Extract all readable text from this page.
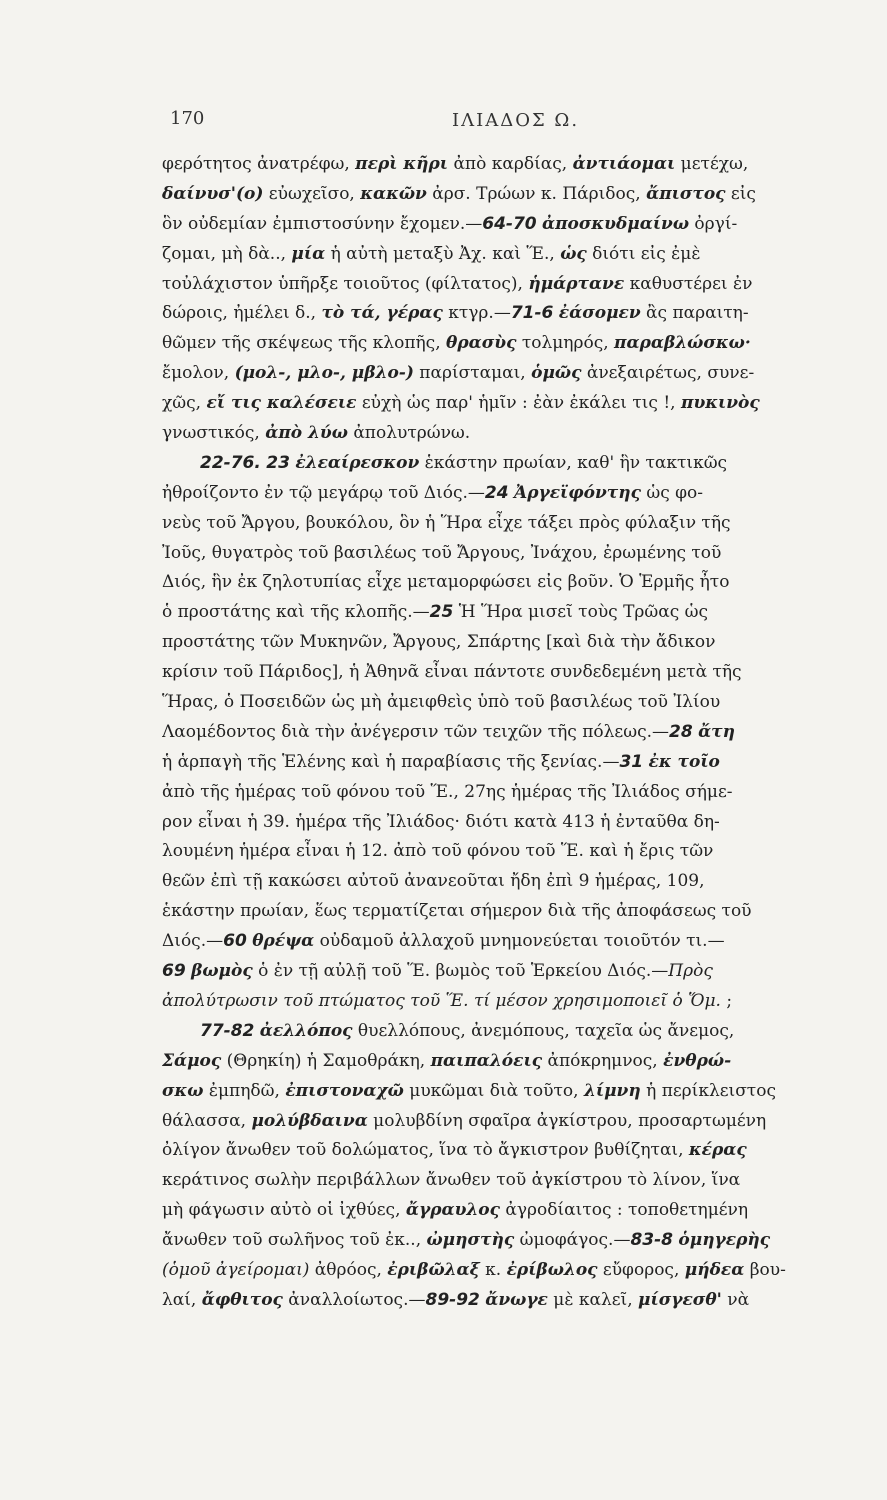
170	ΙΛΙΑΔΟΣ Ω.
φερότητος ἀνατρέφω, περὶ κῆρι ἀπὸ καρδίας, ἀντιάομαι μετέχω,
δαίνυσ'(ο) εὐωχεῖσο, κακῶν ἀρσ. Τρώων κ. Πάριδος, ἄπιστος εἰς
ὃν οὐδεμίαν ἐμπιστοσύνην ἔχομεν.—64-70 ἀποσκυδμαίνω ὀργί-
ζομαι, μὴ δὰ.., μία ἡ αὐτὴ μεταξὺ Ἀχ. καὶ Ἕ., ὡς διότι εἰς ἐμὲ
τοὐλάχιστον ὑπῆρξε τοιοῦτος (φίλτατος), ἡμάρτανε καθυστέρει ἐν
δώροις, ἠμέλει δ., τὸ τά, γέρας κτγρ.—71-6 ἐάσομεν ἂς παραιτη-
θῶμεν τῆς σκέψεως τῆς κλοπῆς, θρασὺς τολμηρός, παραβλώσκω·
ἔμολον, (μολ-, μλο-, μβλο-) παρίσταμαι, ὁμῶς ἀνεξαιρέτως, συνε-
χῶς, εἴ τις καλέσειε εὐχὴ ὡς παρ' ἡμῖν : ἐὰν ἐκάλει τις !, πυκινὸς
γνωστικός, ἀπὸ λύω ἀπολυτρώνω.
22-76. 23 ἐλεαίρεσκον ἑκάστην πρωίαν, καθ' ἣν τακτικῶς
ἠθροίζοντο ἐν τῷ μεγάρῳ τοῦ Διός.—24 Ἀργεϊφόντης ὡς φο-
νεὺς τοῦ Ἄργου, βουκόλου, ὃν ἡ Ἥρα εἶχε τάξει πρὸς φύλαξιν τῆς
Ἰοῦς, θυγατρὸς τοῦ βασιλέως τοῦ Ἄργους, Ἰνάχου, ἐρωμένης τοῦ
Διός, ἣν ἐκ ζηλοτυπίας εἶχε μεταμορφώσει εἰς βοῦν. Ὁ Ἑρμῆς ἦτο
ὁ προστάτης καὶ τῆς κλοπῆς.—25 Ἡ Ἥρα μισεῖ τοὺς Τρῶας ὡς
προστάτης τῶν Μυκηνῶν, Ἄργους, Σπάρτης [καὶ διὰ τὴν ἄδικον
κρίσιν τοῦ Πάριδος], ἡ Ἀθηνᾶ εἶναι πάντοτε συνδεδεμένη μετὰ τῆς
Ἥρας, ὁ Ποσειδῶν ὡς μὴ ἀμειφθεὶς ὑπὸ τοῦ βασιλέως τοῦ Ἰλίου
Λαομέδοντος διὰ τὴν ἀνέγερσιν τῶν τειχῶν τῆς πόλεως.—28 ἄτη
ἡ ἁρπαγὴ τῆς Ἑλένης καὶ ἡ παραβίασις τῆς ξενίας.—31 ἐκ τοῖο
ἀπὸ τῆς ἡμέρας τοῦ φόνου τοῦ Ἕ., 27ης ἡμέρας τῆς Ἰλιάδος σήμε-
ρον εἶναι ἡ 39. ἡμέρα τῆς Ἰλιάδος· διότι κατὰ 413 ἡ ἐνταῦθα δη-
λουμένη ἡμέρα εἶναι ἡ 12. ἀπὸ τοῦ φόνου τοῦ Ἕ. καὶ ἡ ἔρις τῶν
θεῶν ἐπὶ τῇ κακώσει αὐτοῦ ἀνανεοῦται ἤδη ἐπὶ 9 ἡμέρας, 109,
ἑκάστην πρωίαν, ἕως τερματίζεται σήμερον διὰ τῆς ἀποφάσεως τοῦ
Διός.—60 θρέψα οὐδαμοῦ ἀλλαχοῦ μνημονεύεται τοιοῦτόν τι.—
69 βωμὸς ὁ ἐν τῇ αὐλῇ τοῦ Ἕ. βωμὸς τοῦ Ἑρκείου Διός.—Πρὸς
ἀπολύτρωσιν τοῦ πτώματος τοῦ Ἕ. τί μέσον χρησιμοποιεῖ ὁ Ὅμ. ;
77-82 ἀελλόπος θυελλόπους, ἀνεμόπους, ταχεῖα ὡς ἄνεμος,
Σάμος (Θρηκίη) ἡ Σαμοθράκη, παιπαλόεις ἀπόκρημνος, ἐνθρώ-
σκω ἐμπηδῶ, ἐπιστοναχῶ μυκῶμαι διὰ τοῦτο, λίμνη ἡ περίκλειστος
θάλασσα, μολύβδαινα μολυβδίνη σφαῖρα ἀγκίστρου, προσαρτωμένη
ὀλίγον ἄνωθεν τοῦ δολώματος, ἵνα τὸ ἄγκιστρον βυθίζηται, κέρας
κεράτινος σωλὴν περιβάλλων ἄνωθεν τοῦ ἀγκίστρου τὸ λίνον, ἵνα
μὴ φάγωσιν αὐτὸ οἱ ἰχθύες, ἄγραυλος ἀγροδίαιτος : τοποθετημένη
ἄνωθεν τοῦ σωλῆνος τοῦ ἐκ.., ὠμηστὴς ὠμοφάγος.—83-8 ὁμηγερὴς
(ὁμοῦ ἀγείρομαι) ἀθρόος, ἐριβῶλαξ κ. ἐρίβωλος εὔφορος, μήδεα βου-
λαί, ἄφθιτος ἀναλλοίωτος.—89-92 ἄνωγε μὲ καλεῖ, μίσγεσθ' νὰ
